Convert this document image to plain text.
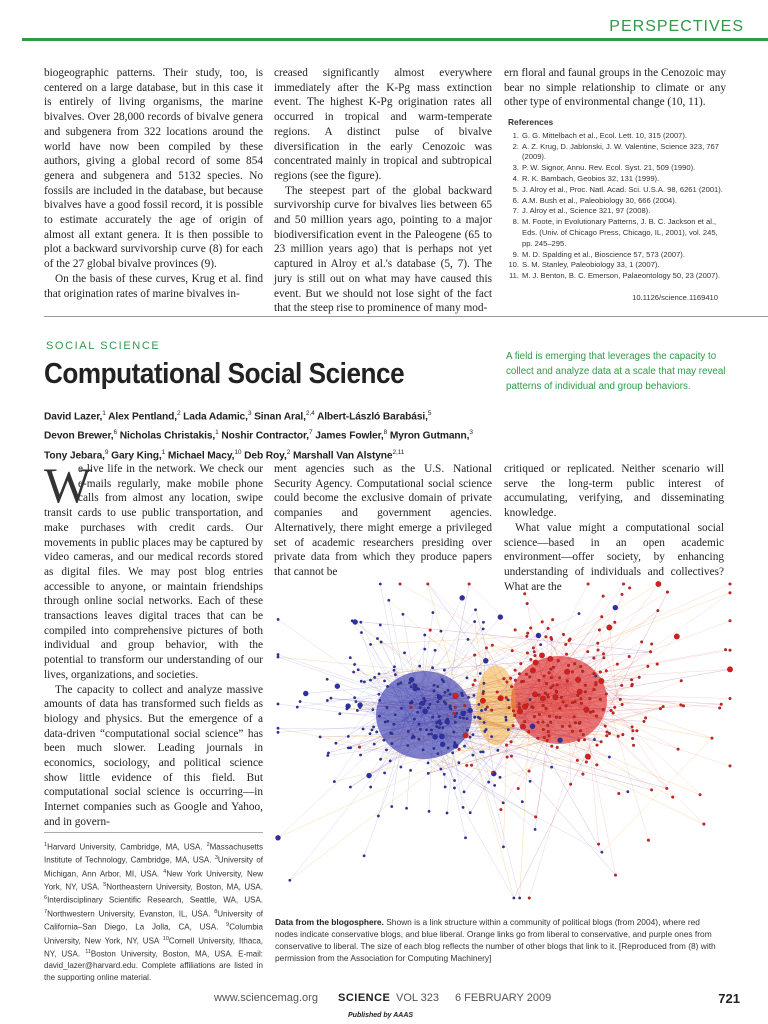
PERSPECTIVES

biogeographic patterns. Their study, too, is centered on a large database, but in this case it is entirely of living organisms, the marine bivalves. Over 28,000 records of bivalve genera and subgenera from 322 locations around the world have now been compiled by these authors, giving a global record of some 854 genera and subgenera and 5132 species. No fossils are included in the database, but because bivalves have a good fossil record, it is possible to estimate accurately the age of origin of almost all extant genera. It is then possible to plot a backward survivorship curve (8) for each of the 27 global bivalve provinces (9).

On the basis of these curves, Krug et al. find that origination rates of marine bivalves in-

creased significantly almost everywhere immediately after the K-Pg mass extinction event. The highest K-Pg origination rates all occurred in tropical and warm-temperate regions. A distinct pulse of bivalve diversification in the early Cenozoic was concentrated mainly in tropical and subtropical regions (see the figure).

The steepest part of the global backward survivorship curve for bivalves lies between 65 and 50 million years ago, pointing to a major biodiversification event in the Paleogene (65 to 23 million years ago) that is perhaps not yet captured in Alroy et al.'s database (5, 7). The jury is still out on what may have caused this event. But we should not lose sight of the fact that the steep rise to prominence of many mod-

ern floral and faunal groups in the Cenozoic may bear no simple relationship to climate or any other type of environmental change (10, 11).

References
1. G. G. Mittelbach et al., Ecol. Lett. 10, 315 (2007).
2. A. Z. Krug, D. Jablonski, J. W. Valentine, Science 323, 767 (2009).
3. P. W. Signor, Annu. Rev. Ecol. Syst. 21, 509 (1990).
4. R. K. Bambach, Geobios 32, 131 (1999).
5. J. Alroy et al., Proc. Natl. Acad. Sci. U.S.A. 98, 6261 (2001).
6. A.M. Bush et al., Paleobiology 30, 666 (2004).
7. J. Alroy et al., Science 321, 97 (2008).
8. M. Foote, in Evolutionary Patterns, J. B. C. Jackson et al., Eds. (Univ. of Chicago Press, Chicago, IL, 2001), vol. 245, pp. 245–295.
9. M. D. Spalding et al., Bioscience 57, 573 (2007).
10. S. M. Stanley, Paleobiology 33, 1 (2007).
11. M. J. Benton, B. C. Emerson, Palaeontology 50, 23 (2007).
10.1126/science.1169410
SOCIAL SCIENCE
Computational Social Science
A field is emerging that leverages the capacity to collect and analyze data at a scale that may reveal patterns of individual and group behaviors.
David Lazer,$^1$ Alex Pentland,$^2$ Lada Adamic,$^3$ Sinan Aral,$^{2,4}$ Albert-László Barabási,$^5$
Devon Brewer,$^6$ Nicholas Christakis,$^1$ Noshir Contractor,$^7$ James Fowler,$^8$ Myron Gutmann,$^3$
Tony Jebara,$^9$ Gary King,$^1$ Michael Macy,$^{10}$ Deb Roy,$^2$ Marshall Van Alstyne$^{2,11}$
W

e live life in the network. We check our e-mails regularly, make mobile phone calls from almost any location, swipe transit cards to use public transportation, and make purchases with credit cards. Our movements in public places may be captured by video cameras, and our medical records stored as digital files. We may post blog entries accessible to anyone, or maintain friendships through online social networks. Each of these transactions leaves digital traces that can be compiled into comprehensive pictures of both individual and group behavior, with the potential to transform our understanding of our lives, organizations, and societies.

The capacity to collect and analyze massive amounts of data has transformed such fields as biology and physics. But the emergence of a data-driven “computational social science” has been much slower. Leading journals in economics, sociology, and political science show little evidence of this field. But computational social science is occurring—in Internet companies such as Google and Yahoo, and in govern-

ment agencies such as the U.S. National Security Agency. Computational social science could become the exclusive domain of private companies and government agencies. Alternatively, there might emerge a privileged set of academic researchers presiding over private data from which they produce papers that cannot be

critiqued or replicated. Neither scenario will serve the long-term public interest of accumulating, verifying, and disseminating knowledge.

What value might a computational social science—based in an open academic environment—offer society, by enhancing understanding of individuals and collectives? What are the

$^1$Harvard University, Cambridge, MA, USA. $^2$Massachusetts Institute of Technology, Cambridge, MA, USA. $^3$University of Michigan, Ann Arbor, MI, USA. $^4$New York University, New York, NY, USA. $^5$Northeastern University, Boston, MA, USA. $^6$Interdisciplinary Scientific Research, Seattle, WA, USA. $^7$Northwestern University, Evanston, IL, USA. $^8$University of California–San Diego, La Jolla, CA, USA. $^9$Columbia University, New York, NY, USA $^{10}$Cornell University, Ithaca, NY, USA. $^{11}$Boston University, Boston, MA, USA. E-mail: david_lazer@harvard.edu. Complete affiliations are listed in the supporting online material.
Data from the blogosphere. Shown is a link structure within a community of political blogs (from 2004), where red nodes indicate conservative blogs, and blue liberal. Orange links go from liberal to conservative, and purple ones from conservative to liberal. The size of each blog reflects the number of other blogs that link to it. [Reproduced from (8) with permission from the Association for Computing Machinery]
www.sciencemag.org SCIENCE VOL 323 6 FEBRUARY 2009	721
Published by AAAS
